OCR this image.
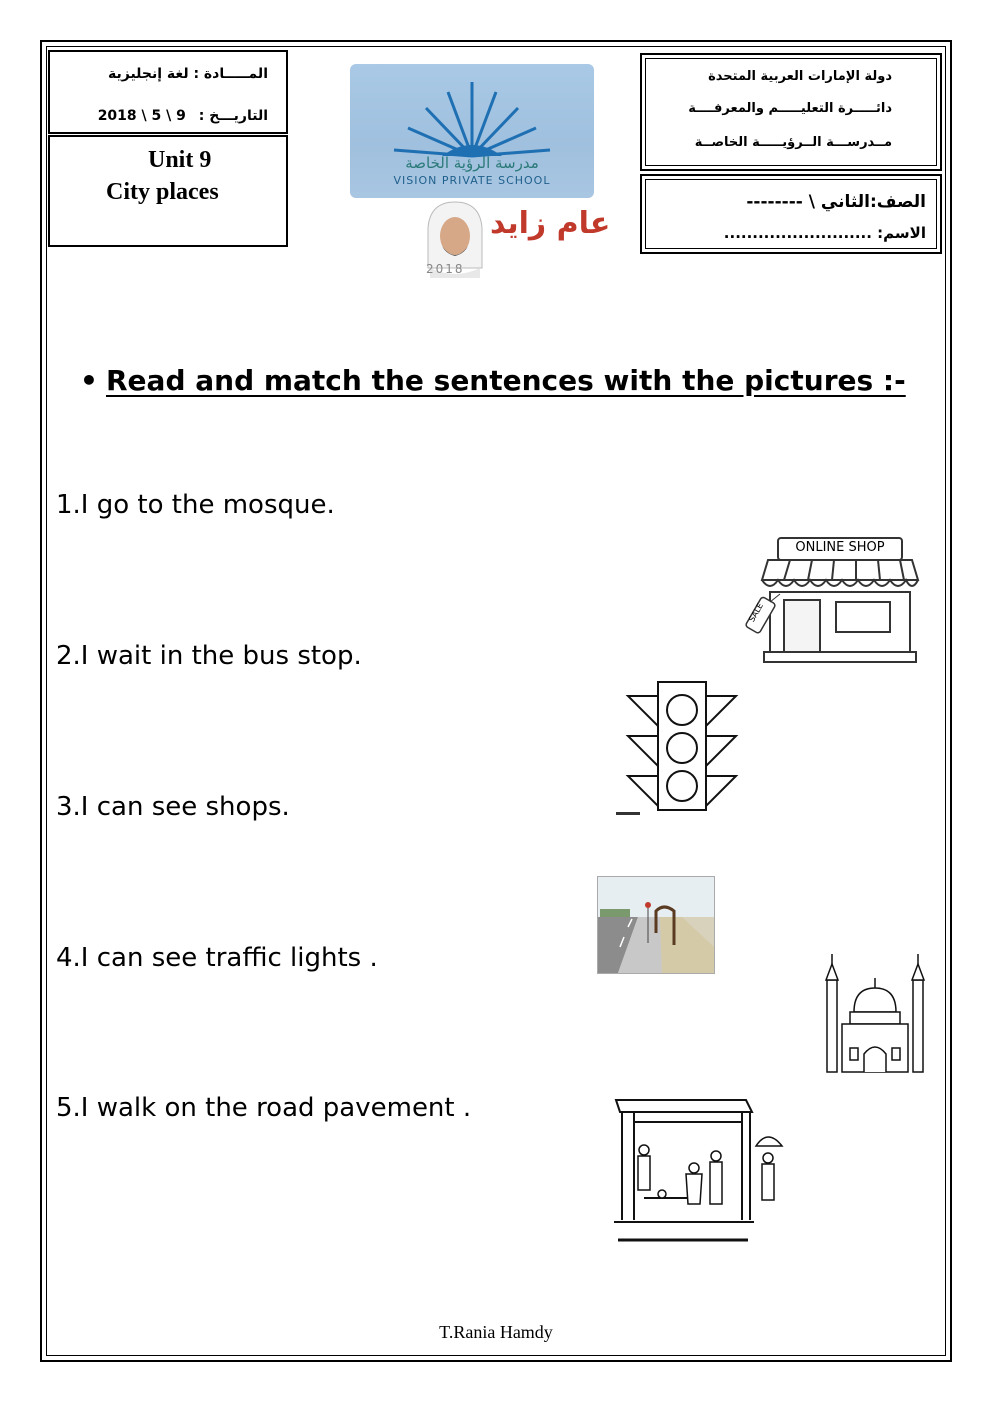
المـــــادة : لغة إنجليزية
2018 \ 5 \ 9 التاريـــخ :
Unit 9
City places
مدرسة الرؤية الخاصة
VISION PRIVATE SCHOOL
عام زايد
2018
دولة الإمارات العربية المتحدة
دائـــــرة التعليـــــم والمعرفــــة
مــدرســـة الــرؤيـــــة الخاصــة
الصف:الثاني \ --------
الاسم: ..........................
• Read and match the sentences with the pictures :-
1.I go to the mosque.
2.I wait in the bus stop.
3.I can see shops.
4.I can see traffic lights .
5.I walk on the road pavement .
ONLINE SHOP
SALE
T.Rania Hamdy
